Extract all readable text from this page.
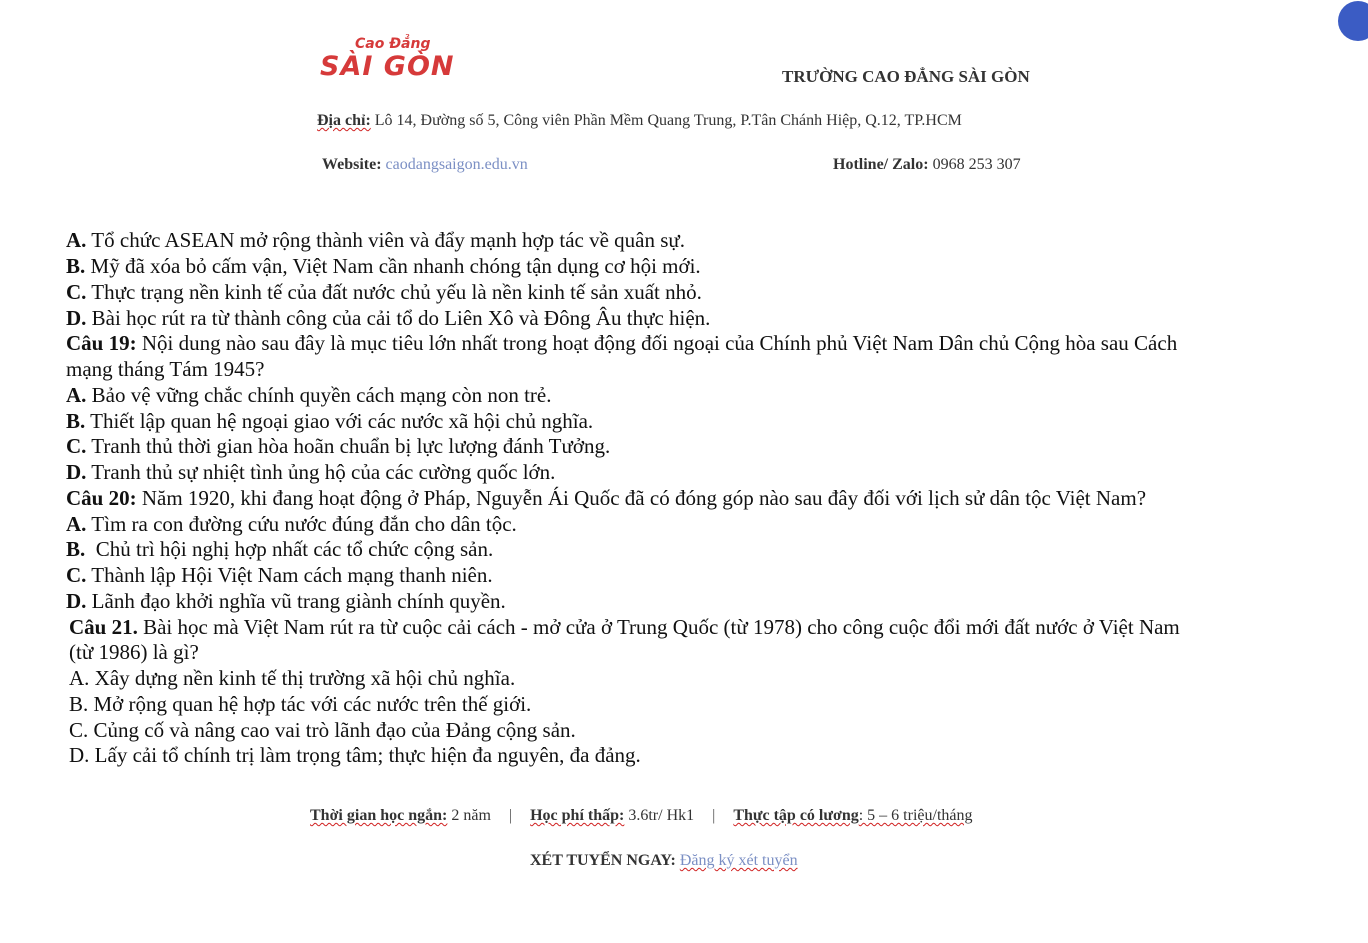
Cao Đẳng
SÀI GÒN	TRƯỜNG CAO ĐẲNG SÀI GÒN
Địa chỉ: Lô 14, Đường số 5, Công viên Phần Mềm Quang Trung, P.Tân Chánh Hiệp, Q.12, TP.HCM
Website: caodangsaigon.edu.vn	Hotline/ Zalo: 0968 253 307
A. Tổ chức ASEAN mở rộng thành viên và đẩy mạnh hợp tác về quân sự.
B. Mỹ đã xóa bỏ cấm vận, Việt Nam cần nhanh chóng tận dụng cơ hội mới.
C. Thực trạng nền kinh tế của đất nước chủ yếu là nền kinh tế sản xuất nhỏ.
D. Bài học rút ra từ thành công của cải tổ do Liên Xô và Đông Âu thực hiện.
Câu 19: Nội dung nào sau đây là mục tiêu lớn nhất trong hoạt động đối ngoại của Chính phủ Việt Nam Dân chủ Cộng hòa sau Cách
mạng tháng Tám 1945?
A. Bảo vệ vững chắc chính quyền cách mạng còn non trẻ.
B. Thiết lập quan hệ ngoại giao với các nước xã hội chủ nghĩa.
C. Tranh thủ thời gian hòa hoãn chuẩn bị lực lượng đánh Tưởng.
D. Tranh thủ sự nhiệt tình ủng hộ của các cường quốc lớn.
Câu 20: Năm 1920, khi đang hoạt động ở Pháp, Nguyễn Ái Quốc đã có đóng góp nào sau đây đối với lịch sử dân tộc Việt Nam?
A. Tìm ra con đường cứu nước đúng đắn cho dân tộc.
B.  Chủ trì hội nghị hợp nhất các tổ chức cộng sản.
C. Thành lập Hội Việt Nam cách mạng thanh niên.
D. Lãnh đạo khởi nghĩa vũ trang giành chính quyền.
Câu 21. Bài học mà Việt Nam rút ra từ cuộc cải cách - mở cửa ở Trung Quốc (từ 1978) cho công cuộc đổi mới đất nước ở Việt Nam
(từ 1986) là gì?
A. Xây dựng nền kinh tế thị trường xã hội chủ nghĩa.
B. Mở rộng quan hệ hợp tác với các nước trên thế giới.
C. Củng cố và nâng cao vai trò lãnh đạo của Đảng cộng sản.
D. Lấy cải tổ chính trị làm trọng tâm; thực hiện đa nguyên, đa đảng.
Thời gian học ngắn: 2 năm | Học phí thấp: 3.6tr/ Hk1 | Thực tập có lương: 5 – 6 triệu/tháng
XÉT TUYỂN NGAY: Đăng ký xét tuyển
